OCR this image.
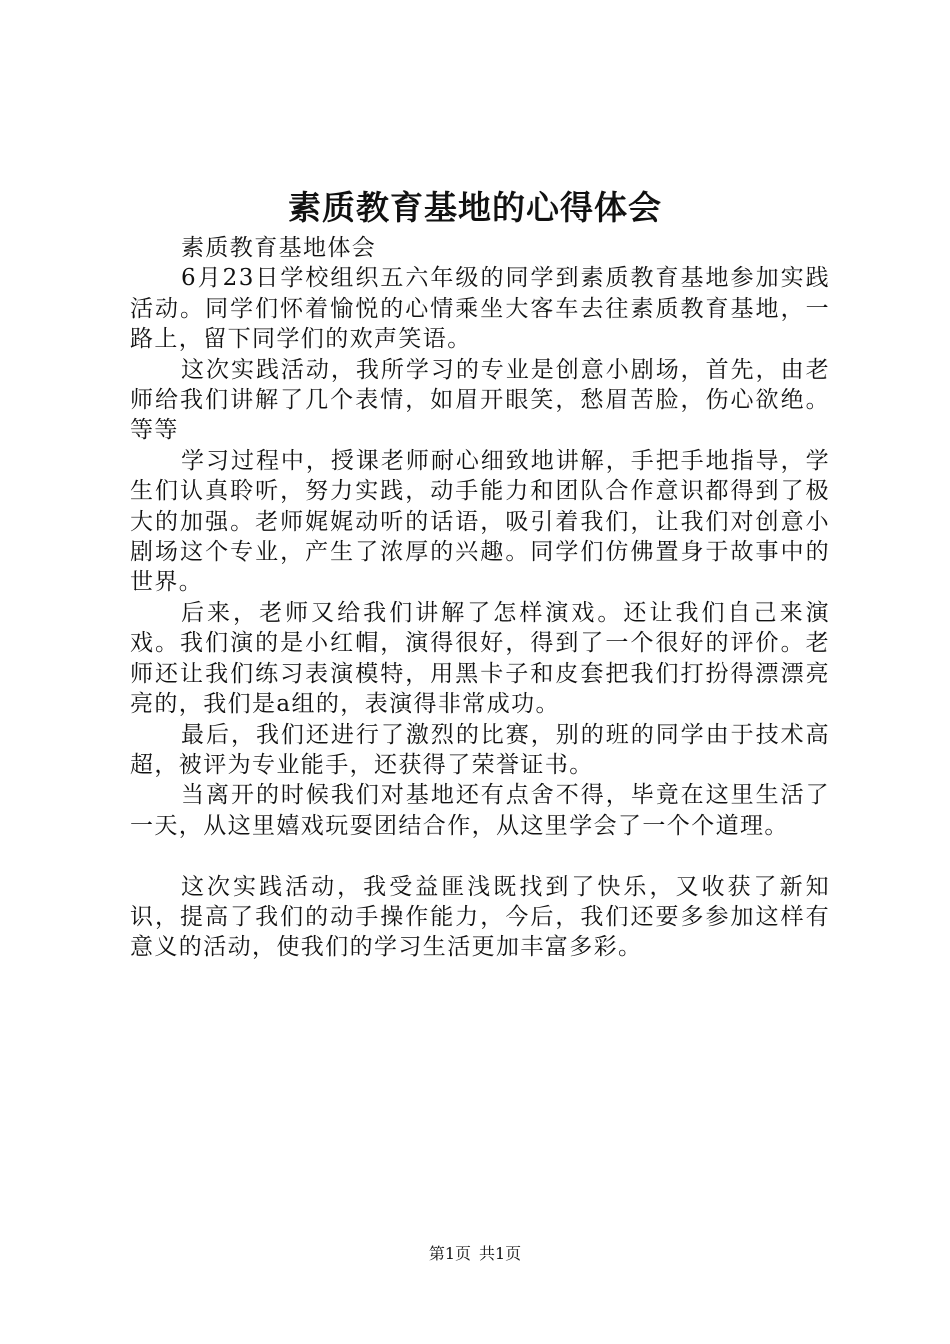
素质教育基地的心得体会

素质教育基地体会

6月23日学校组织五六年级的同学到素质教育基地参加实践活动。同学们怀着愉悦的心情乘坐大客车去往素质教育基地，一路上，留下同学们的欢声笑语。

这次实践活动，我所学习的专业是创意小剧场，首先，由老师给我们讲解了几个表情，如眉开眼笑，愁眉苦脸，伤心欲绝。等等

学习过程中，授课老师耐心细致地讲解，手把手地指导，学生们认真聆听，努力实践，动手能力和团队合作意识都得到了极大的加强。老师娓娓动听的话语，吸引着我们，让我们对创意小剧场这个专业，产生了浓厚的兴趣。同学们仿佛置身于故事中的世界。

后来，老师又给我们讲解了怎样演戏。还让我们自己来演戏。我们演的是小红帽，演得很好，得到了一个很好的评价。老师还让我们练习表演模特，用黑卡子和皮套把我们打扮得漂漂亮亮的，我们是a组的，表演得非常成功。

最后，我们还进行了激烈的比赛，别的班的同学由于技术高超，被评为专业能手，还获得了荣誉证书。

当离开的时候我们对基地还有点舍不得，毕竟在这里生活了一天，从这里嬉戏玩耍团结合作，从这里学会了一个个道理。

这次实践活动，我受益匪浅既找到了快乐，又收获了新知识，提高了我们的动手操作能力，今后，我们还要多参加这样有意义的活动，使我们的学习生活更加丰富多彩。

第1页 共1页
